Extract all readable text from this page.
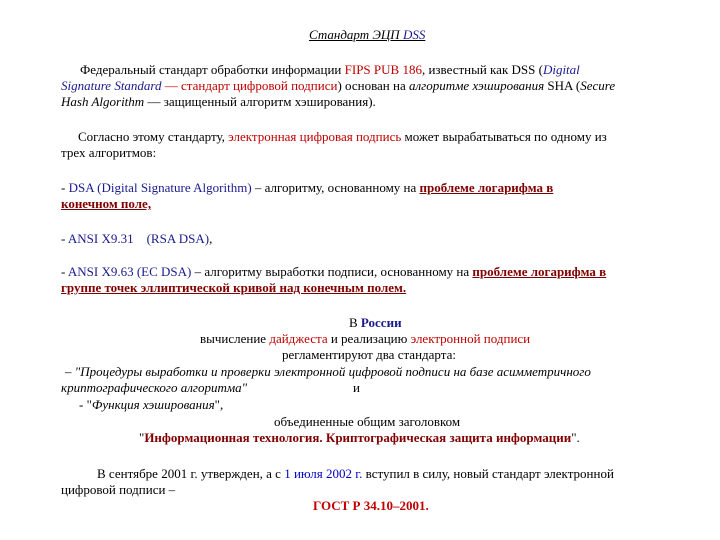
Стандарт ЭЦП DSS
Федеральный стандарт обработки информации FIPS PUB 186, известный как DSS (Digital
Signature Standard — стандарт цифровой подписи) основан на алгоритме хэширования SHA (Secure
Hash Algorithm — защищенный алгоритм хэширования).
Согласно этому стандарту, электронная цифровая подпись может вырабатываться по одному из
трех алгоритмов:
- DSA (Digital Signature Algorithm) – алгоритму, основанному на проблеме логарифма в
конечном поле,
- ANSI X9.31    (RSA DSA),
- ANSI X9.63 (EC DSA) – алгоритму выработки подписи, основанному на проблеме логарифма в
группе точек эллиптической кривой над конечным полем.
В России
вычисление дайджеста и реализацию электронной подписи
регламентируют два стандарта:
– "Процедуры выработки и проверки электронной цифровой подписи на базе асимметричного
криптографического алгоритма"	и
- "Функция хэширования",
объединенные общим заголовком
"Информационная технология. Криптографическая защита информации".
В сентябре 2001 г. утвержден, а с 1 июля 2002 г. вступил в силу, новый стандарт электронной
цифровой подписи –
ГОСТ Р 34.10–2001.
